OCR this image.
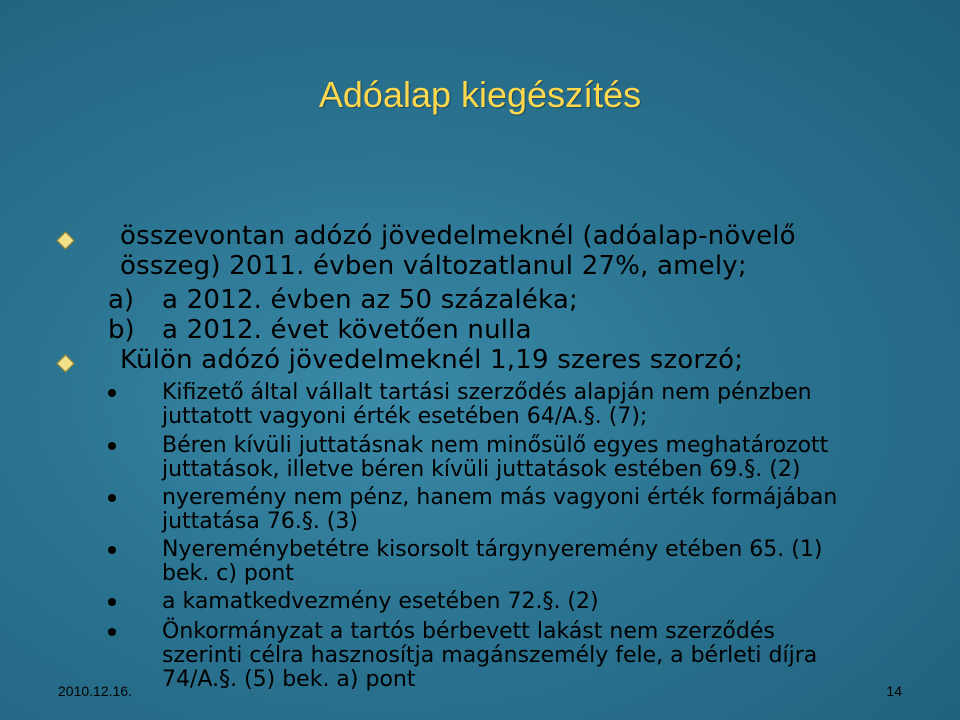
Adóalap kiegészítés
összevontan adózó jövedelmeknél (adóalap-növelő
összeg) 2011. évben változatlanul 27%, amely;
a) a 2012. évben az 50 százaléka;
b) a 2012. évet követően nulla
Külön adózó jövedelmeknél 1,19 szeres szorzó;
Kifizető által vállalt tartási szerződés alapján nem pénzben
juttatott vagyoni érték esetében 64/A.§. (7);
Béren kívüli juttatásnak nem minősülő egyes meghatározott
juttatások, illetve béren kívüli juttatások estében 69.§. (2)
nyeremény nem pénz, hanem más vagyoni érték formájában
juttatása 76.§. (3)
Nyereménybetétre kisorsolt tárgynyeremény etében 65. (1)
bek. c) pont
a kamatkedvezmény esetében 72.§. (2)
Önkormányzat a tartós bérbevett lakást nem szerződés
szerinti célra hasznosítja magánszemély fele, a bérleti díjra
74/A.§. (5) bek. a) pont
2010.12.16.	14
